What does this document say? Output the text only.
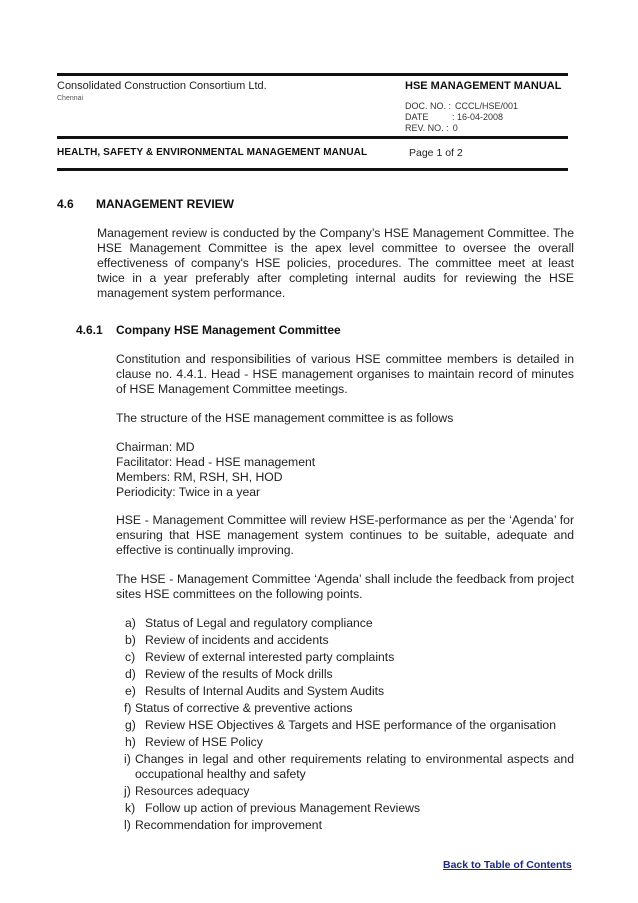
Consolidated Construction Consortium Ltd.
Chennai
HSE MANAGEMENT MANUAL
DOC. NO. : CCCL/HSE/001
DATE	: 16-04-2008
REV. NO. : 0
HEALTH, SAFETY & ENVIRONMENTAL MANAGEMENT MANUAL	Page 1 of 2
4.6 MANAGEMENT REVIEW
Management review is conducted by the Company’s HSE Management Committee. The HSE Management Committee is the apex level committee to oversee the overall effectiveness of company's HSE policies, procedures. The committee meet at least twice in a year preferably after completing internal audits for reviewing the HSE management system performance.
4.6.1 Company HSE Management Committee
Constitution and responsibilities of various HSE committee members is detailed in clause no. 4.4.1. Head - HSE management organises to maintain record of minutes of HSE Management Committee meetings.
The structure of the HSE management committee is as follows
Chairman: MD
Facilitator: Head - HSE management
Members: RM, RSH, SH, HOD
Periodicity: Twice in a year
HSE - Management Committee will review HSE-performance as per the ‘Agenda’ for ensuring that HSE management system continues to be suitable, adequate and effective is continually improving.
The HSE - Management Committee ‘Agenda’ shall include the feedback from project sites HSE committees on the following points.
a) Status of Legal and regulatory compliance
b) Review of incidents and accidents
c) Review of external interested party complaints
d) Review of the results of Mock drills
e) Results of Internal Audits and System Audits
f) Status of corrective & preventive actions
g) Review HSE Objectives & Targets and HSE performance of the organisation
h) Review of HSE Policy
i) Changes in legal and other requirements relating to environmental aspects and occupational healthy and safety
j) Resources adequacy
k) Follow up action of previous Management Reviews
l) Recommendation for improvement
Back to Table of Contents
